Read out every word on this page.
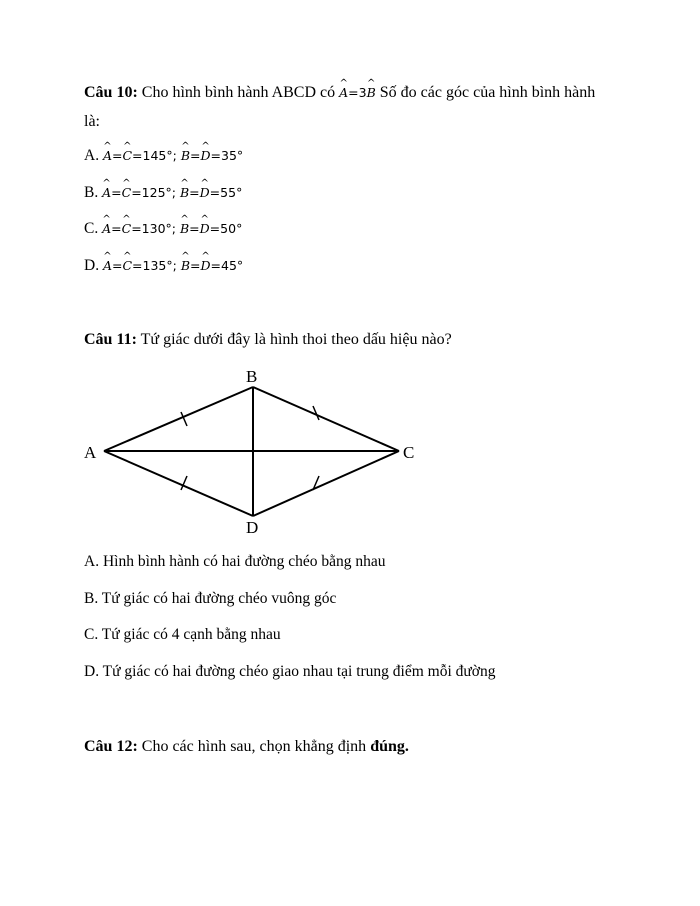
Câu 10: Cho hình bình hành ABCD có ^ A=3^ B Số đo các góc của hình bình hành
là:
A. ^ A=^ C=145°; ^ B=^ D=35°
B. ^ A=^ C=125°; ^ B=^ D=55°
C. ^ A=^ C=130°; ^ B=^ D=50°
D. ^ A=^ C=135°; ^ B=^ D=45°
Câu 11: Tứ giác dưới đây là hình thoi theo dấu hiệu nào?
A
B
C
D
A. Hình bình hành có hai đường chéo bằng nhau
B. Tứ giác có hai đường chéo vuông góc
C. Tứ giác có 4 cạnh bằng nhau
D. Tứ giác có hai đường chéo giao nhau tại trung điểm mỗi đường
Câu 12: Cho các hình sau, chọn khẳng định đúng.
